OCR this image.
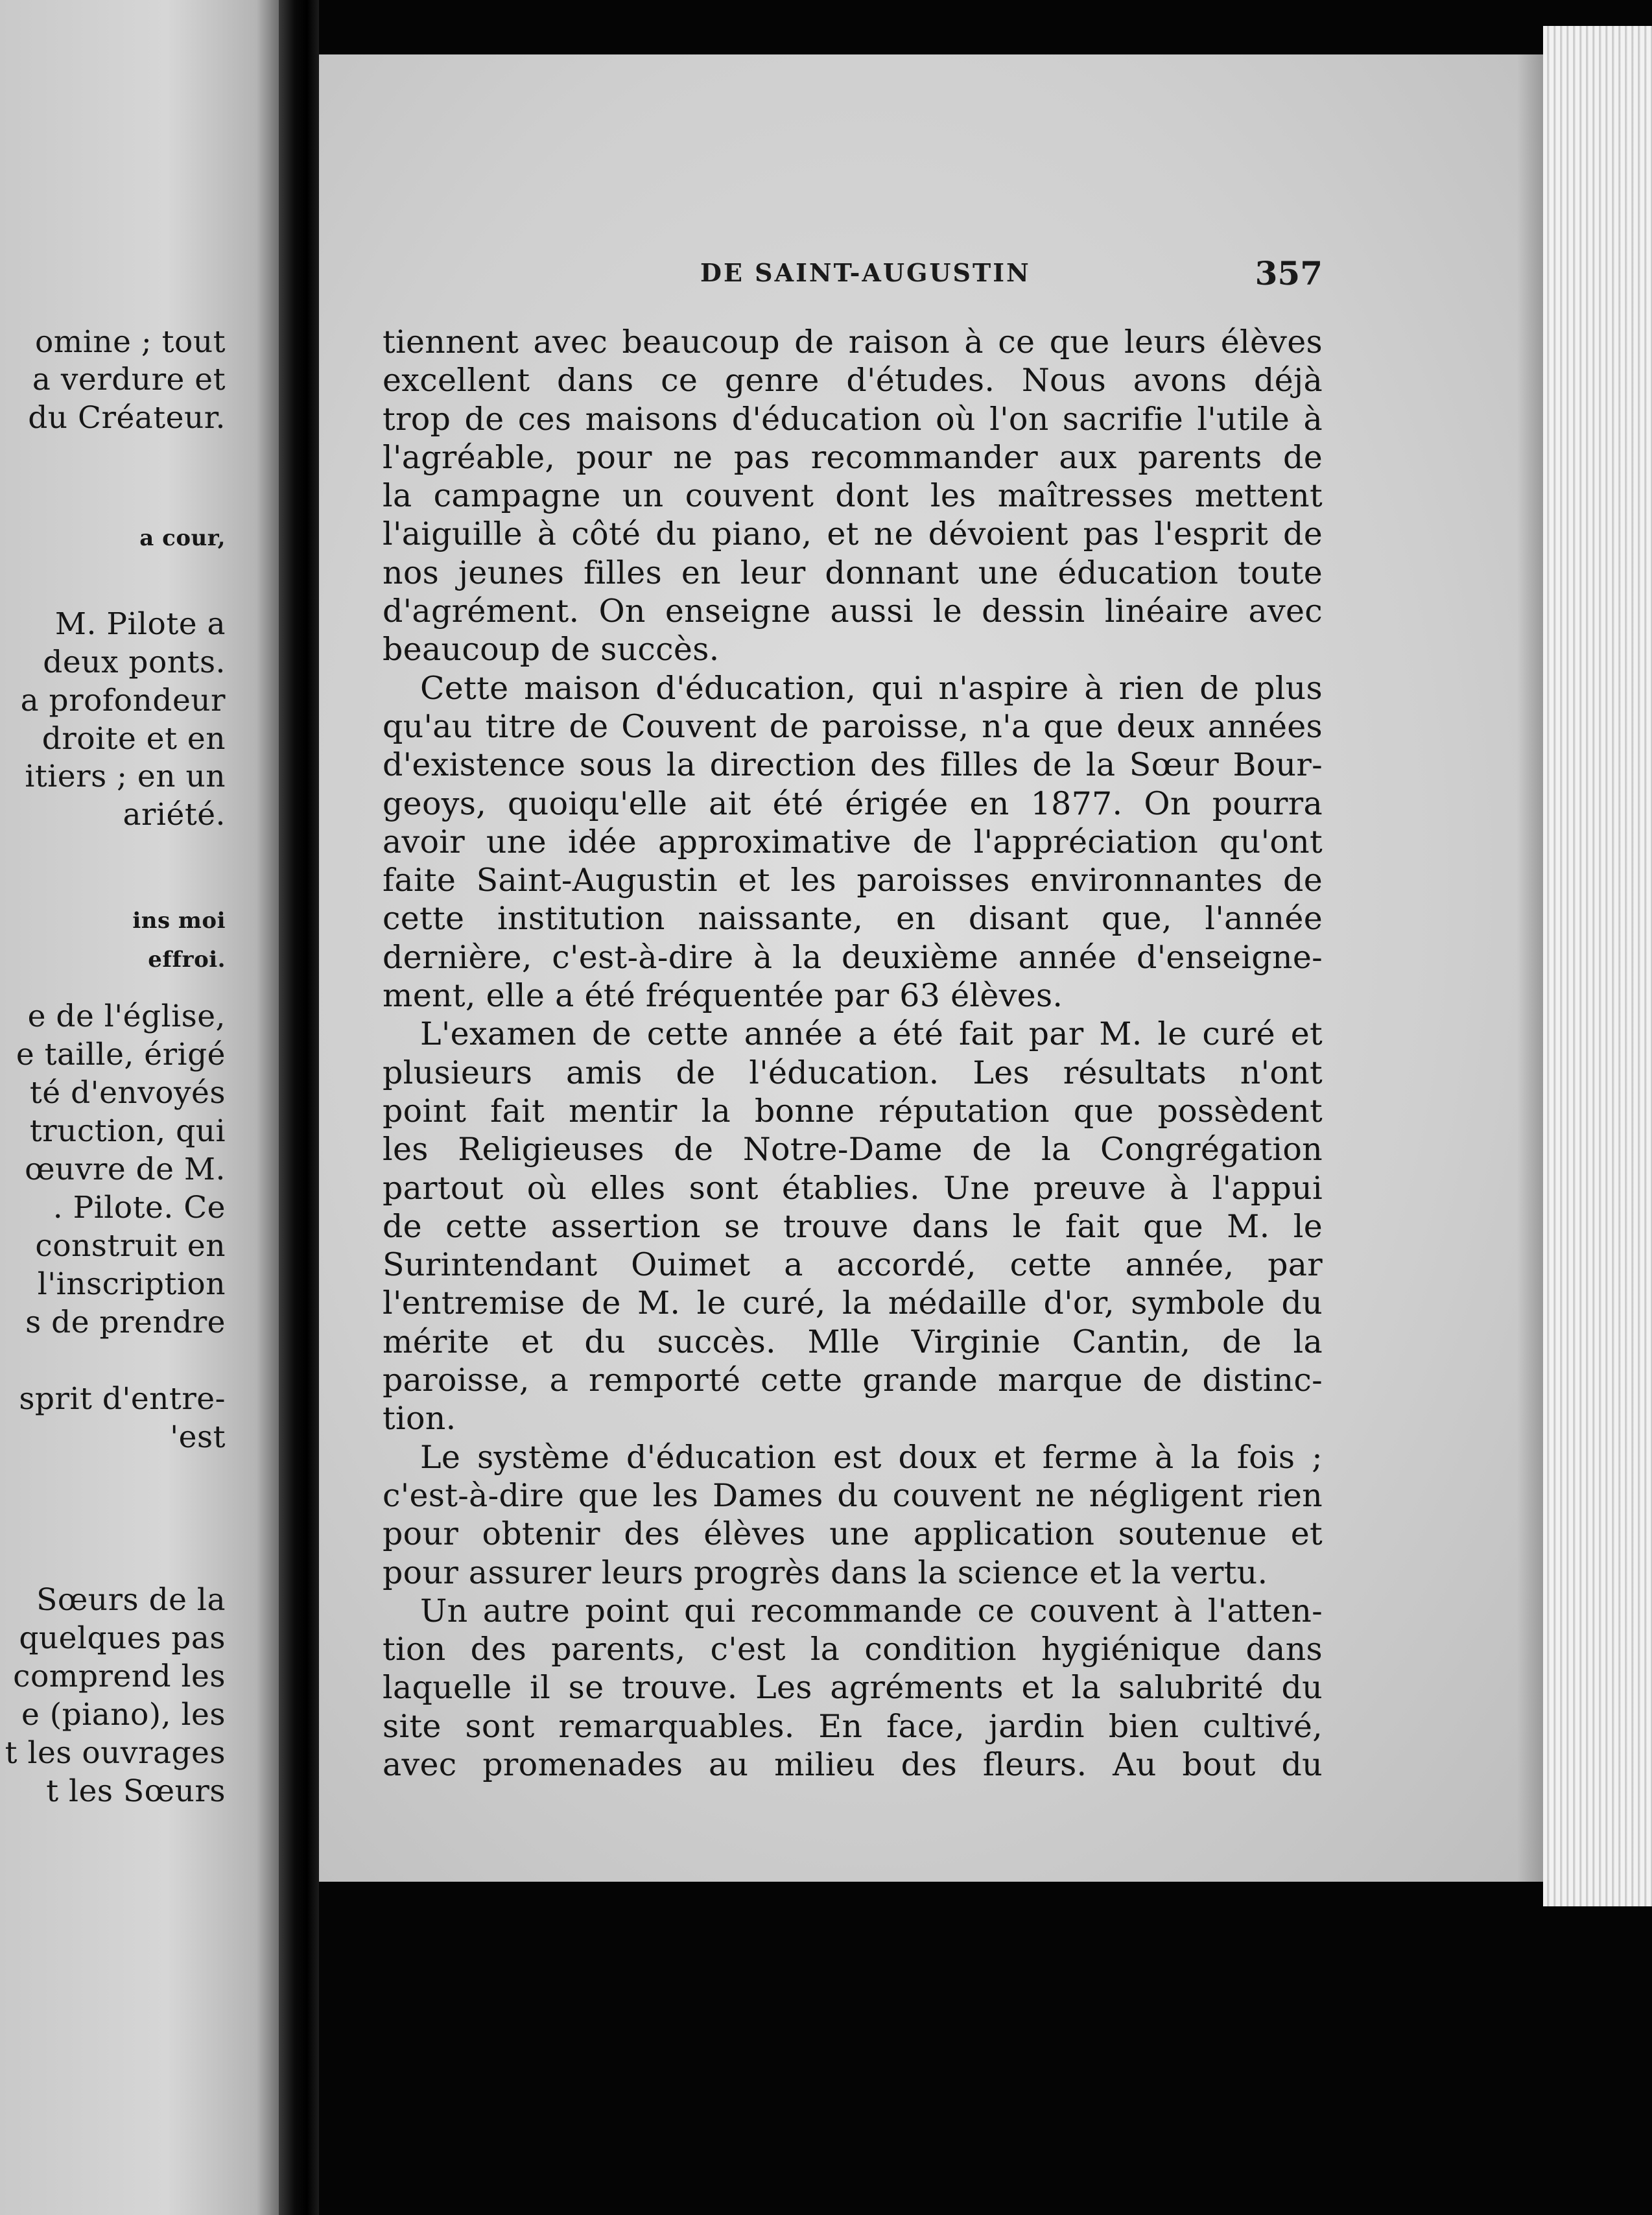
omine ; tout
a verdure et
du Créateur.
a cour,
M. Pilote a
deux ponts.
a profondeur
droite et en
itiers ; en un
ariété.
ins moi
effroi.
e de l'église,
e taille, érigé
té d'envoyés
truction, qui
œuvre de M.
. Pilote. Ce
construit en
l'inscription
s de prendre
sprit d'entre-
'est
Sœurs de la
quelques pas
comprend les
e (piano), les
t les ouvrages
t les Sœurs
DE SAINT-AUGUSTIN	357
tiennent avec beaucoup de raison à ce que leurs élèves
excellent dans ce genre d'études. Nous avons déjà
trop de ces maisons d'éducation où l'on sacrifie l'utile à
l'agréable, pour ne pas recommander aux parents de
la campagne un couvent dont les maîtresses mettent
l'aiguille à côté du piano, et ne dévoient pas l'esprit de
nos jeunes filles en leur donnant une éducation toute
d'agrément. On enseigne aussi le dessin linéaire avec
beaucoup de succès.
Cette maison d'éducation, qui n'aspire à rien de plus
qu'au titre de Couvent de paroisse, n'a que deux années
d'existence sous la direction des filles de la Sœur Bour-
geoys, quoiqu'elle ait été érigée en 1877. On pourra
avoir une idée approximative de l'appréciation qu'ont
faite Saint-Augustin et les paroisses environnantes de
cette institution naissante, en disant que, l'année
dernière, c'est-à-dire à la deuxième année d'enseigne-
ment, elle a été fréquentée par 63 élèves.
L'examen de cette année a été fait par M. le curé et
plusieurs amis de l'éducation. Les résultats n'ont
point fait mentir la bonne réputation que possèdent
les Religieuses de Notre-Dame de la Congrégation
partout où elles sont établies. Une preuve à l'appui
de cette assertion se trouve dans le fait que M. le
Surintendant Ouimet a accordé, cette année, par
l'entremise de M. le curé, la médaille d'or, symbole du
mérite et du succès. Mlle Virginie Cantin, de la
paroisse, a remporté cette grande marque de distinc-
tion.
Le système d'éducation est doux et ferme à la fois ;
c'est-à-dire que les Dames du couvent ne négligent rien
pour obtenir des élèves une application soutenue et
pour assurer leurs progrès dans la science et la vertu.
Un autre point qui recommande ce couvent à l'atten-
tion des parents, c'est la condition hygiénique dans
laquelle il se trouve. Les agréments et la salubrité du
site sont remarquables. En face, jardin bien cultivé,
avec promenades au milieu des fleurs. Au bout du
